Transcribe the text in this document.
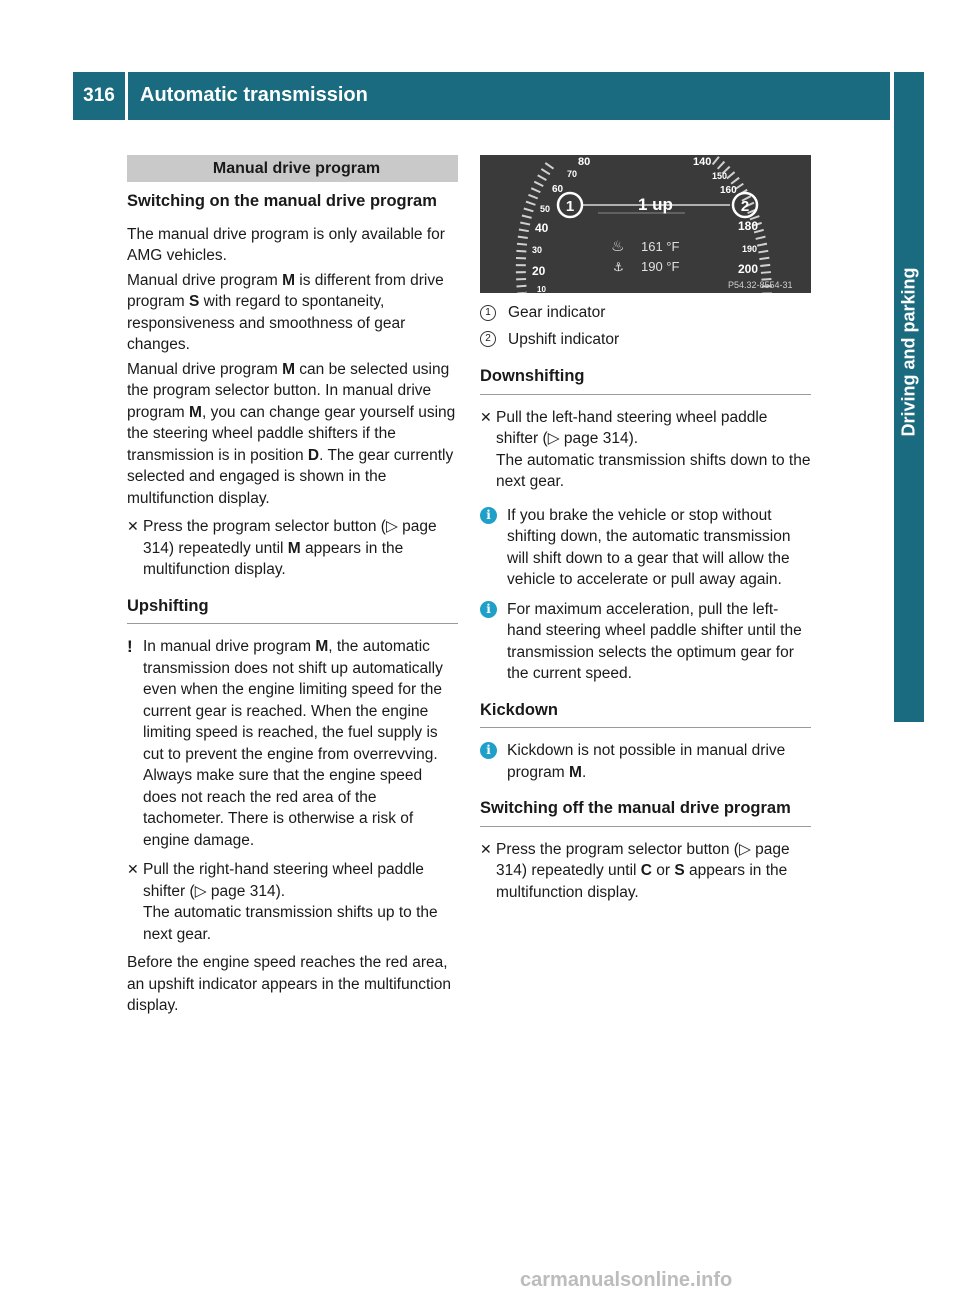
316	Automatic transmission
Driving and parking
Manual drive program
Switching on the manual drive program

The manual drive program is only available for AMG vehicles.

Manual drive program M is different from drive program S with regard to spontaneity, responsiveness and smoothness of gear changes.

Manual drive program M can be selected using the program selector button. In manual drive program M, you can change gear yourself using the steering wheel paddle shifters if the transmission is in position D. The gear currently selected and engaged is shown in the multifunction display.

✕ Press the program selector button (▷ page 314) repeatedly until M appears in the multifunction display.
Upshifting
! In manual drive program M, the automatic transmission does not shift up automatically even when the engine limiting speed for the current gear is reached. When the engine limiting speed is reached, the fuel supply is cut to prevent the engine from overrevving. Always make sure that the engine speed does not reach the red area of the tachometer. There is otherwise a risk of engine damage.
✕ Pull the right-hand steering wheel paddle shifter (▷ page 314).
The automatic transmission shifts up to the next gear.

Before the engine speed reaches the red area, an upshift indicator appears in the multifunction display.

80
70
60
50
40
30
20
10
140
150
160
180
190
200
1	2
1 up
♨ 161 °F
⚓ 190 °F
P54.32-8554-31
1	Gear indicator
2	Upshift indicator
Downshifting
✕ Pull the left-hand steering wheel paddle shifter (▷ page 314).
The automatic transmission shifts down to the next gear.
i	If you brake the vehicle or stop without shifting down, the automatic transmission will shift down to a gear that will allow the vehicle to accelerate or pull away again.
i	For maximum acceleration, pull the left-hand steering wheel paddle shifter until the transmission selects the optimum gear for the current speed.
Kickdown
i	Kickdown is not possible in manual drive program M.
Switching off the manual drive program
✕ Press the program selector button (▷ page 314) repeatedly until C or S appears in the multifunction display.
carmanualsonline.info
